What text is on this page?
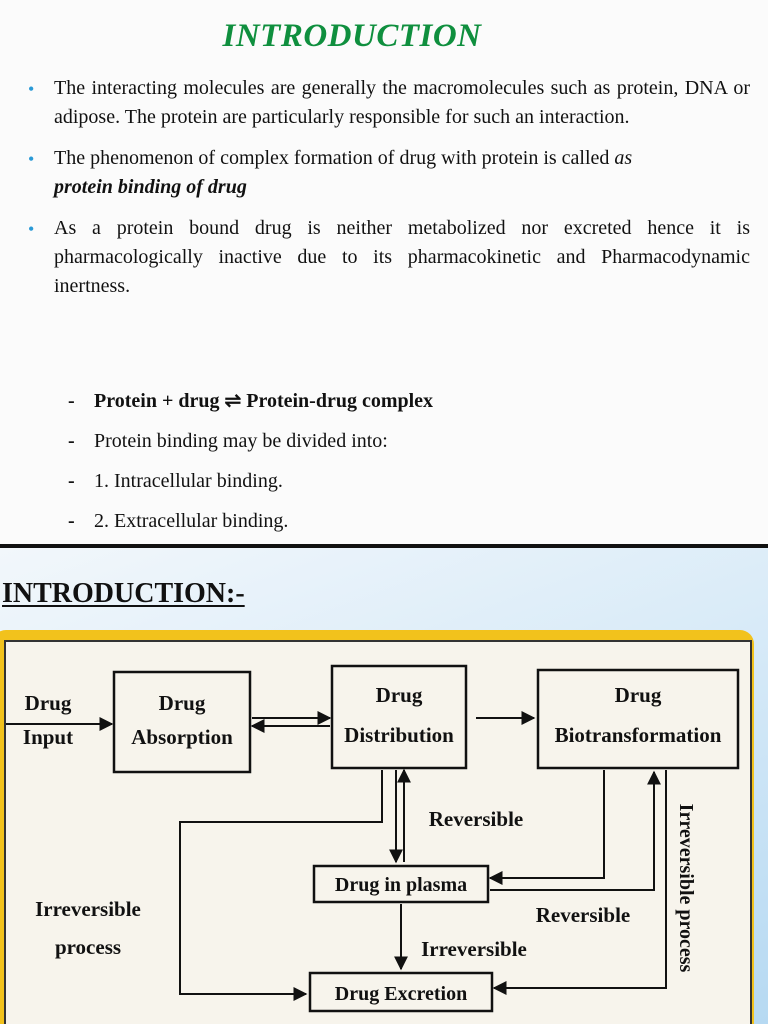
INTRODUCTION
• The interacting molecules are generally the macromolecules such as protein, DNA or adipose. The protein are particularly responsible for such an interaction.
• The phenomenon of complex formation of drug with protein is called as
protein binding of drug
• As a protein bound drug is neither metabolized nor excreted hence it is pharmacologically inactive due to its pharmacokinetic and Pharmacodynamic inertness.
- Protein + drug ⇌ Protein-drug complex
- Protein binding may be divided into:
- 1. Intracellular binding.
- 2. Extracellular binding.
INTRODUCTION:-
Drug
Input
Drug
Absorption
Drug
Distribution
Drug
Biotransformation
Drug in plasma
Drug Excretion
Reversible
Reversible
Irreversible
Irreversible
process	Irreversible process
